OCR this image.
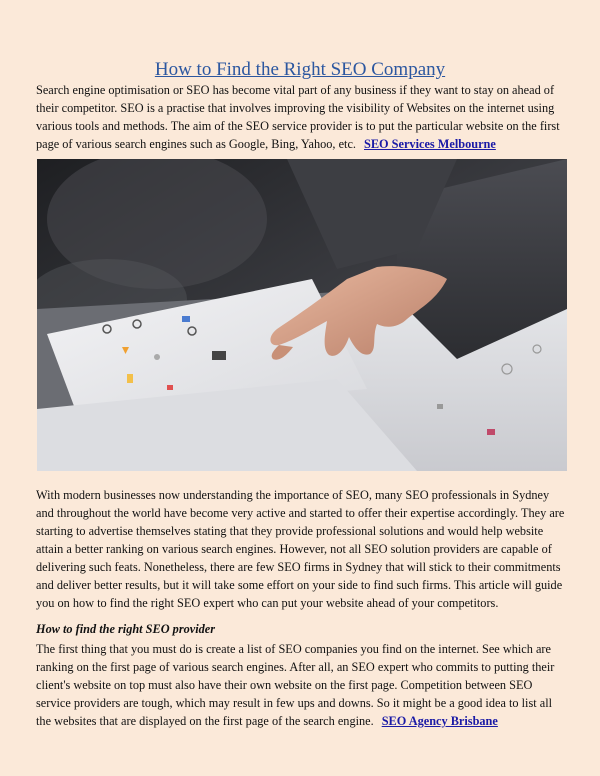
How to Find the Right SEO Company

Search engine optimisation or SEO has become vital part of any business if they want to stay on ahead of their competitor. SEO is a practise that involves improving the visibility of Websites on the internet using various tools and methods. The aim of the SEO service provider is to put the particular website on the first page of various search engines such as Google, Bing, Yahoo, etc. SEO Services Melbourne

With modern businesses now understanding the importance of SEO, many SEO professionals in Sydney and throughout the world have become very active and started to offer their expertise accordingly. They are starting to advertise themselves stating that they provide professional solutions and would help website attain a better ranking on various search engines. However, not all SEO solution providers are capable of delivering such feats. Nonetheless, there are few SEO firms in Sydney that will stick to their commitments and deliver better results, but it will take some effort on your side to find such firms. This article will guide you on how to find the right SEO expert who can put your website ahead of your competitors.

How to find the right SEO provider

The first thing that you must do is create a list of SEO companies you find on the internet. See which are ranking on the first page of various search engines. After all, an SEO expert who commits to putting their client's website on top must also have their own website on the first page. Competition between SEO service providers are tough, which may result in few ups and downs. So it might be a good idea to list all the websites that are displayed on the first page of the search engine. SEO Agency Brisbane
